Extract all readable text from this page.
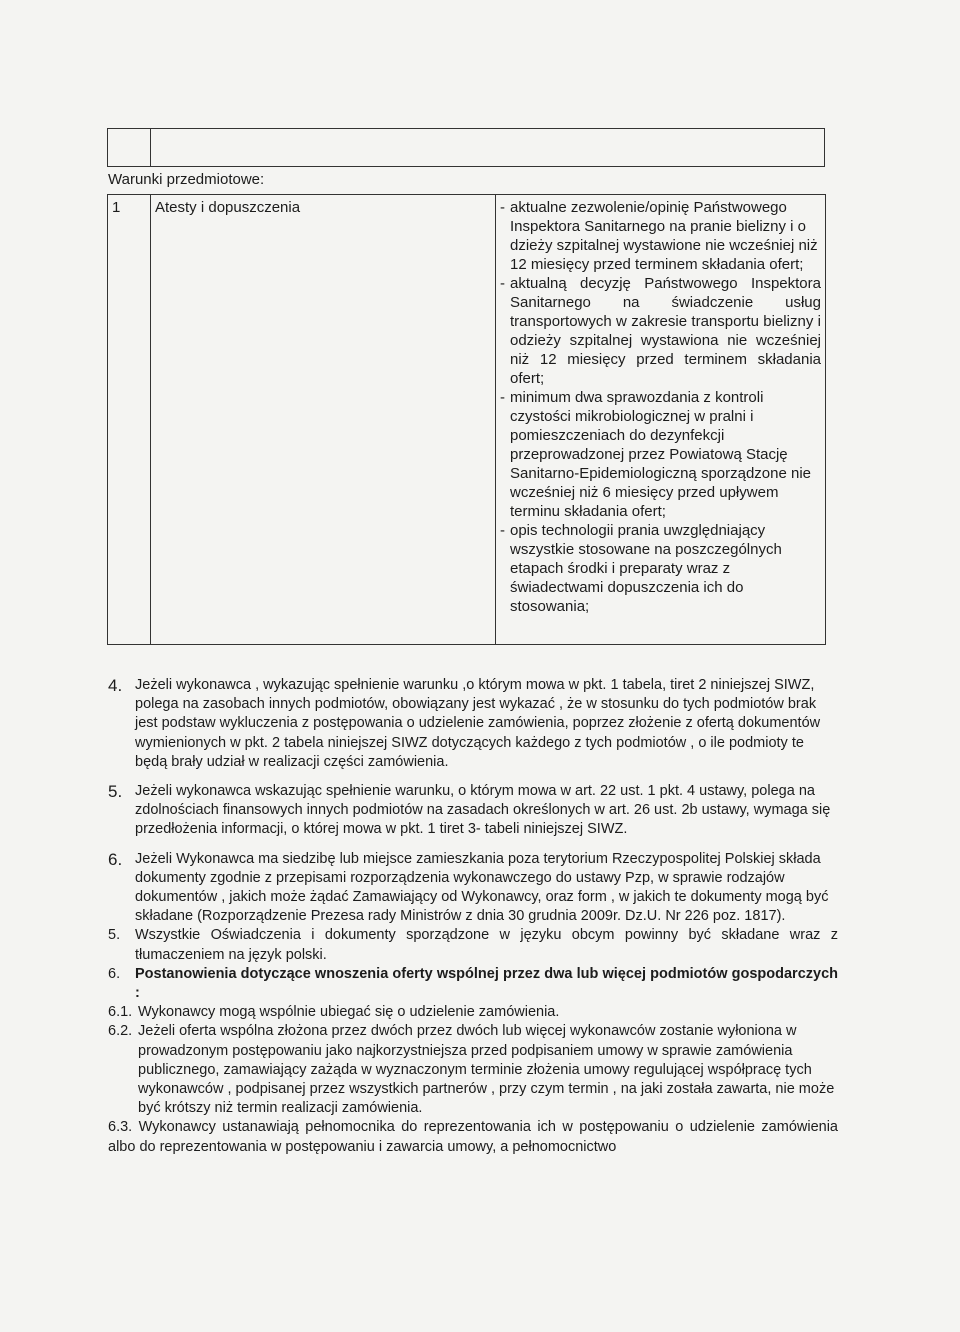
Warunki przedmiotowe:
1	Atesty i dopuszczenia	- aktualne zezwolenie/opinię Państwowego Inspektora Sanitarnego na pranie bielizny i o dzieży szpitalnej wystawione nie wcześniej niż 12 miesięcy przed terminem składania ofert;
- aktualną decyzję Państwowego Inspektora Sanitarnego na świadczenie usług transportowych w zakresie transportu bielizny i odzieży szpitalnej wystawiona nie wcześniej niż 12 miesięcy przed terminem składania ofert;
- minimum dwa sprawozdania z kontroli czystości mikrobiologicznej w pralni i pomieszczeniach do dezynfekcji przeprowadzonej przez Powiatową Stację Sanitarno-Epidemiologiczną sporządzone nie wcześniej niż 6 miesięcy przed upływem terminu składania ofert;
- opis technologii prania uwzględniający wszystkie stosowane na poszczególnych etapach środki i preparaty wraz z świadectwami dopuszczenia ich do stosowania;
4. Jeżeli wykonawca , wykazując spełnienie warunku ,o którym mowa w pkt. 1 tabela, tiret 2 niniejszej SIWZ, polega na zasobach innych podmiotów, obowiązany jest wykazać , że w stosunku do tych podmiotów brak jest podstaw wykluczenia z postępowania o udzielenie zamówienia, poprzez złożenie z ofertą dokumentów wymienionych w pkt. 2 tabela niniejszej SIWZ dotyczących każdego z tych podmiotów , o ile podmioty te będą brały udział w realizacji części zamówienia.
5. Jeżeli wykonawca wskazując spełnienie warunku, o którym mowa w art. 22 ust. 1 pkt. 4 ustawy, polega na zdolnościach finansowych innych podmiotów na zasadach określonych w art. 26 ust. 2b ustawy, wymaga się przedłożenia informacji, o której mowa w pkt. 1 tiret 3- tabeli niniejszej SIWZ.
6. Jeżeli Wykonawca ma siedzibę lub miejsce zamieszkania poza terytorium Rzeczypospolitej Polskiej składa dokumenty zgodnie z przepisami rozporządzenia wykonawczego do ustawy Pzp, w sprawie rodzajów dokumentów , jakich może żądać Zamawiający od Wykonawcy, oraz form , w jakich te dokumenty mogą być składane (Rozporządzenie Prezesa rady Ministrów z dnia 30 grudnia 2009r. Dz.U. Nr 226 poz. 1817).
5.	Wszystkie Oświadczenia i dokumenty sporządzone w języku obcym powinny być składane wraz z tłumaczeniem na język polski.
6.	Postanowienia dotyczące wnoszenia oferty wspólnej przez dwa lub więcej podmiotów gospodarczych :
6.1. Wykonawcy mogą wspólnie ubiegać się o udzielenie zamówienia.
6.2. Jeżeli oferta wspólna złożona przez dwóch przez dwóch lub więcej wykonawców zostanie wyłoniona w prowadzonym postępowaniu jako najkorzystniejsza przed podpisaniem umowy w sprawie zamówienia publicznego, zamawiający zażąda w wyznaczonym terminie złożenia umowy regulującej współpracę tych wykonawców , podpisanej przez wszystkich partnerów , przy czym termin , na jaki została zawarta, nie może być krótszy niż termin realizacji zamówienia.
6.3. Wykonawcy ustanawiają pełnomocnika do reprezentowania ich w postępowaniu o udzielenie zamówienia albo do reprezentowania w postępowaniu i zawarcia umowy, a pełnomocnictwo
